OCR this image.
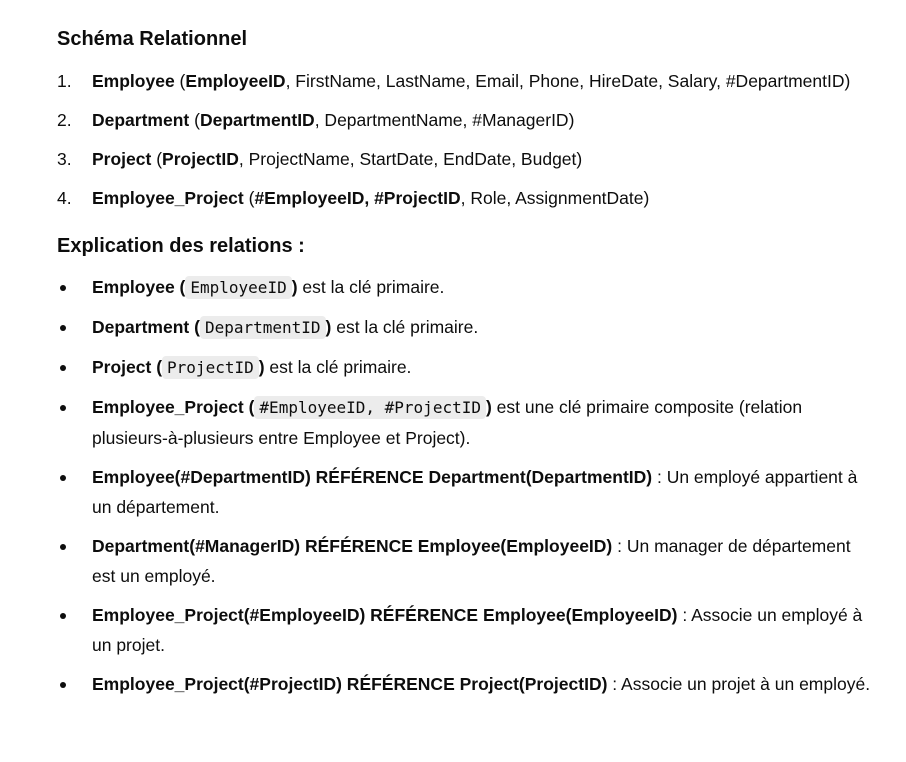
Schéma Relationnel
1.	Employee (EmployeeID, FirstName, LastName, Email, Phone, HireDate, Salary, #DepartmentID)
2.	Department (DepartmentID, DepartmentName, #ManagerID)
3.	Project (ProjectID, ProjectName, StartDate, EndDate, Budget)
4.	Employee_Project (#EmployeeID, #ProjectID, Role, AssignmentDate)
Explication des relations :
Employee ( EmployeeID ) est la clé primaire.
Department ( DepartmentID ) est la clé primaire.
Project ( ProjectID ) est la clé primaire.
Employee_Project ( #EmployeeID, #ProjectID ) est une clé primaire composite (relation plusieurs-à-plusieurs entre Employee et Project).
Employee(#DepartmentID) RÉFÉRENCE Department(DepartmentID) : Un employé appartient à un département.
Department(#ManagerID) RÉFÉRENCE Employee(EmployeeID) : Un manager de département est un employé.
Employee_Project(#EmployeeID) RÉFÉRENCE Employee(EmployeeID) : Associe un employé à un projet.
Employee_Project(#ProjectID) RÉFÉRENCE Project(ProjectID) : Associe un projet à un employé.
